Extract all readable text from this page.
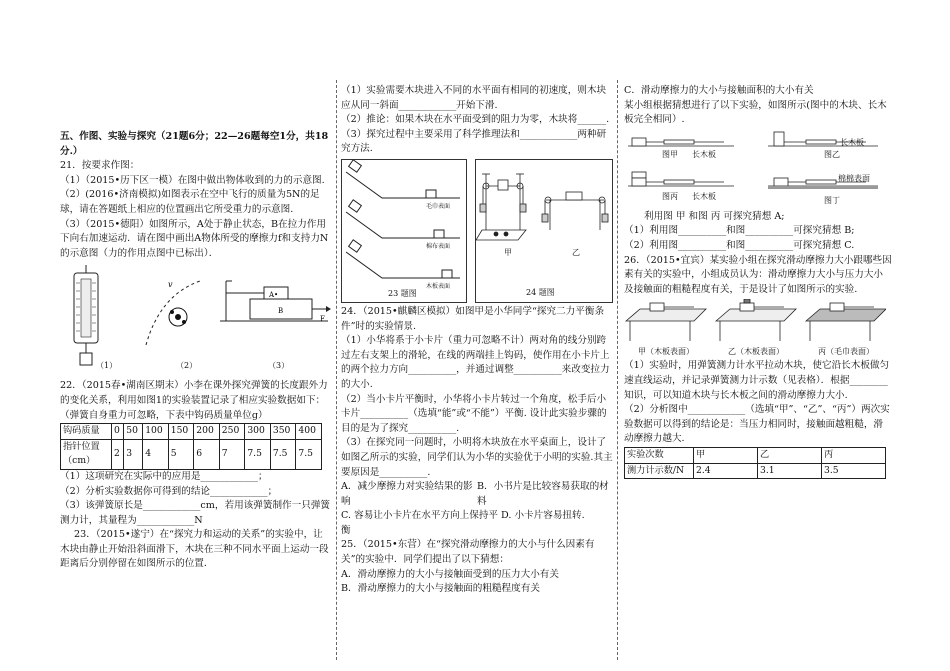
五、作图、实验与探究（21题6分；22—26题每空1分，共18分.）

21．按要求作图：

（1）（2015•历下区一模）在图中做出物体收到的力的示意图.

（2）(2016•济南模拟)如图表示在空中飞行的质量为5N的足球，请在答题纸上相应的位置画出它所受重力的示意图.

（3）（2015•德阳）如图所示，A处于静止状态，B在拉力作用下向右加速运动．请在图中画出A物体所受的摩擦力f和支持力N的示意图（力的作用点图中已标出）．

（1）
v
（2）
A•
B
F
（3）

22．（2015春•湖南区期末）小李在课外探究弹簧的长度跟外力的变化关系，利用如图1的实验装置记录了相应实验数据如下：（弹簧自身重力可忽略，下表中钩码质量单位g）

钩码质量	0	50	100	150	200	250	300	350	400
指针位置（cm）	2	3	4	5	6	7	7.5	7.5	7.5

（1）这项研究在实际中的应用是____________；

（2）分析实验数据你可得到的结论____________；

（3）该弹簧原长是____________cm，若用该弹簧制作一只弹簧测力计，其量程为____________N

23．（2015•遂宁）在“探究力和运动的关系”的实验中，让木块由静止开始沿斜面滑下，木块在三种不同水平面上运动一段距离后分别停留在如图所示的位置．

（1）实验需要木块进入不同的水平面有相同的初速度，则木块应从同一斜面____________开始下滑.

（2）推论：如果木块在水平面受到的阻力为零，木块将______.

（3）探究过程中主要采用了科学推理法和____________两种研究方法.

毛巾表面
棉布表面
木板表面
23 题图
甲	乙
24 题图

24．（2015•麒麟区模拟）如图甲是小华同学“探究二力平衡条件”时的实验情景.

（1）小华将系于小卡片（重力可忽略不计）两对角的线分别跨过左右支架上的滑轮，在线的两端挂上钩码，使作用在小卡片上的两个拉力方向__________，并通过调整__________来改变拉力的大小.

（2）当小卡片平衡时，小华将小卡片转过一个角度，松手后小卡片__________（选填“能”或“不能”）平衡. 设计此实验步骤的目的是为了探究__________.

（3）在探究同一问题时，小明将木块放在水平桌面上，设计了如图乙所示的实验，同学们认为小华的实验优于小明的实验.其主要原因是__________.

A．减少摩擦力对实验结果的影响

B．小书片是比较容易获取的材料

C. 容易让小卡片在水平方向上保持平衡

D. 小卡片容易扭转.

25．（2015•东营）在“探究滑动摩擦力的大小与什么因素有关”的实验中．同学们提出了以下猜想：

A．滑动摩擦力的大小与接触面受到的压力大小有关

B．滑动摩擦力的大小与接触面的粗糙程度有关

C．滑动摩擦力的大小与接触面积的大小有关

某小组根据猜想进行了以下实验，如图所示(图中的木块、长木板完全相同）.

图甲 长木板	图乙
长木板
图丙 长木板	图丁
棉棉表面

利用图 甲 和图 丙 可探究猜想 A;

（1）利用图__________和图__________可探究猜想 B;

（2）利用图__________和图__________可探究猜想 C.

26．（2015•宜宾）某实验小组在探究滑动摩擦力大小跟哪些因素有关的实验中，小组成员认为：滑动摩擦力大小与压力大小及接触面的粗糙程度有关，于是设计了如图所示的实验.

甲（木板表面）	乙（木板表面）	丙（毛巾表面）

（1）实验时，用弹簧测力计水平拉动木块，使它沿长木板做匀速直线运动，并记录弹簧测力计示数（见表格）．根据________知识，可以知道木块与长木板之间的滑动摩擦力大小.

（2）分析图中____________（选填“甲”、“乙”、“丙”）两次实验数据可以得到的结论是：当压力相同时，接触面越粗糙，滑动摩擦力越大.

实验次数	甲	乙	丙
测力计示数/N	2.4	3.1	3.5
